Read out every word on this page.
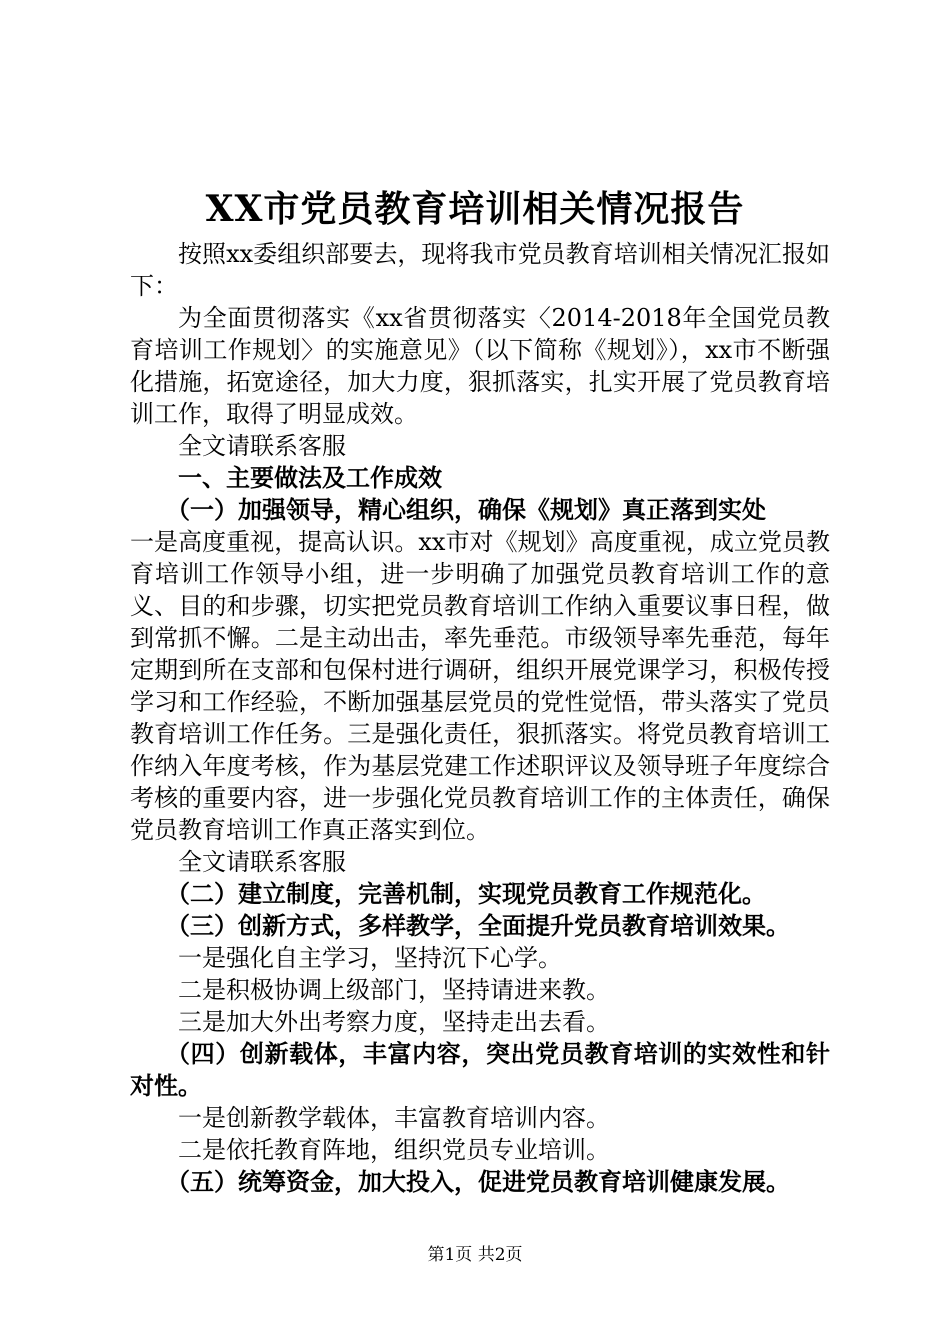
XX市党员教育培训相关情况报告

按照xx委组织部要去，现将我市党员教育培训相关情况汇报如下：

为全面贯彻落实《xx省贯彻落实〈2014-2018年全国党员教育培训工作规划〉的实施意见》（以下简称《规划》），xx市不断强化措施，拓宽途径，加大力度，狠抓落实，扎实开展了党员教育培训工作，取得了明显成效。

全文请联系客服

一、主要做法及工作成效

（一）加强领导，精心组织，确保《规划》真正落到实处

一是高度重视，提高认识。xx市对《规划》高度重视，成立党员教育培训工作领导小组，进一步明确了加强党员教育培训工作的意义、目的和步骤，切实把党员教育培训工作纳入重要议事日程，做到常抓不懈。二是主动出击，率先垂范。市级领导率先垂范，每年定期到所在支部和包保村进行调研，组织开展党课学习，积极传授学习和工作经验，不断加强基层党员的党性觉悟，带头落实了党员教育培训工作任务。三是强化责任，狠抓落实。将党员教育培训工作纳入年度考核，作为基层党建工作述职评议及领导班子年度综合考核的重要内容，进一步强化党员教育培训工作的主体责任，确保党员教育培训工作真正落实到位。

全文请联系客服

（二）建立制度，完善机制，实现党员教育工作规范化。

（三）创新方式，多样教学，全面提升党员教育培训效果。

一是强化自主学习，坚持沉下心学。

二是积极协调上级部门，坚持请进来教。

三是加大外出考察力度，坚持走出去看。

（四）创新载体，丰富内容，突出党员教育培训的实效性和针对性。

一是创新教学载体，丰富教育培训内容。

二是依托教育阵地，组织党员专业培训。

（五）统筹资金，加大投入，促进党员教育培训健康发展。

第1页 共2页
